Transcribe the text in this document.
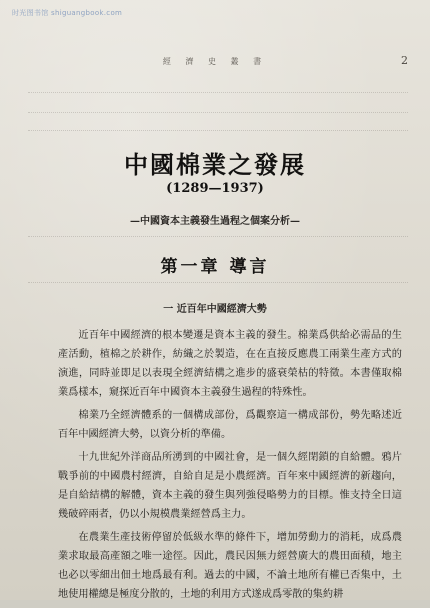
时光图书馆 shiguangbook.com
經 濟 史 叢 書	2
中國棉業之發展
(1289—1937)
—中國資本主義發生過程之個案分析—
第一章 導言
一 近百年中國經濟大勢

近百年中國經濟的根本變遷是資本主義的發生。棉業爲供給必需品的生產活動，植棉之於耕作，紡織之於製造，在在直接反應農工兩業生產方式的演進，同時並即足以表現全經濟結構之進步的盛衰榮枯的特徵。本書僅取棉業爲樣本，窺探近百年中國資本主義發生過程的特殊性。

棉業乃全經濟體系的一個構成部份，爲觀察這一構成部份，勢先略述近百年中國經濟大勢，以資分析的準備。

十九世紀外洋商品所湧到的中國社會，是一個久經閉鎖的自給體。鴉片戰爭前的中國農村經濟，自給自足是小農經濟。百年來中國經濟的新趨向，是自給結構的解體，資本主義的發生與列強侵略勢力的目標。惟支持全日這幾破碎兩者，仍以小規模農業經營爲主力。

在農業生產技術停留於低級水準的條件下，增加勞動力的消耗，成爲農業求取最高產額之唯一途徑。因此，農民因無力經營廣大的農田面積，地主也必以零細出佃土地爲最有利。過去的中國，不論土地所有權已否集中，土地使用權總是極度分散的，土地的利用方式遂成爲零散的集約耕
